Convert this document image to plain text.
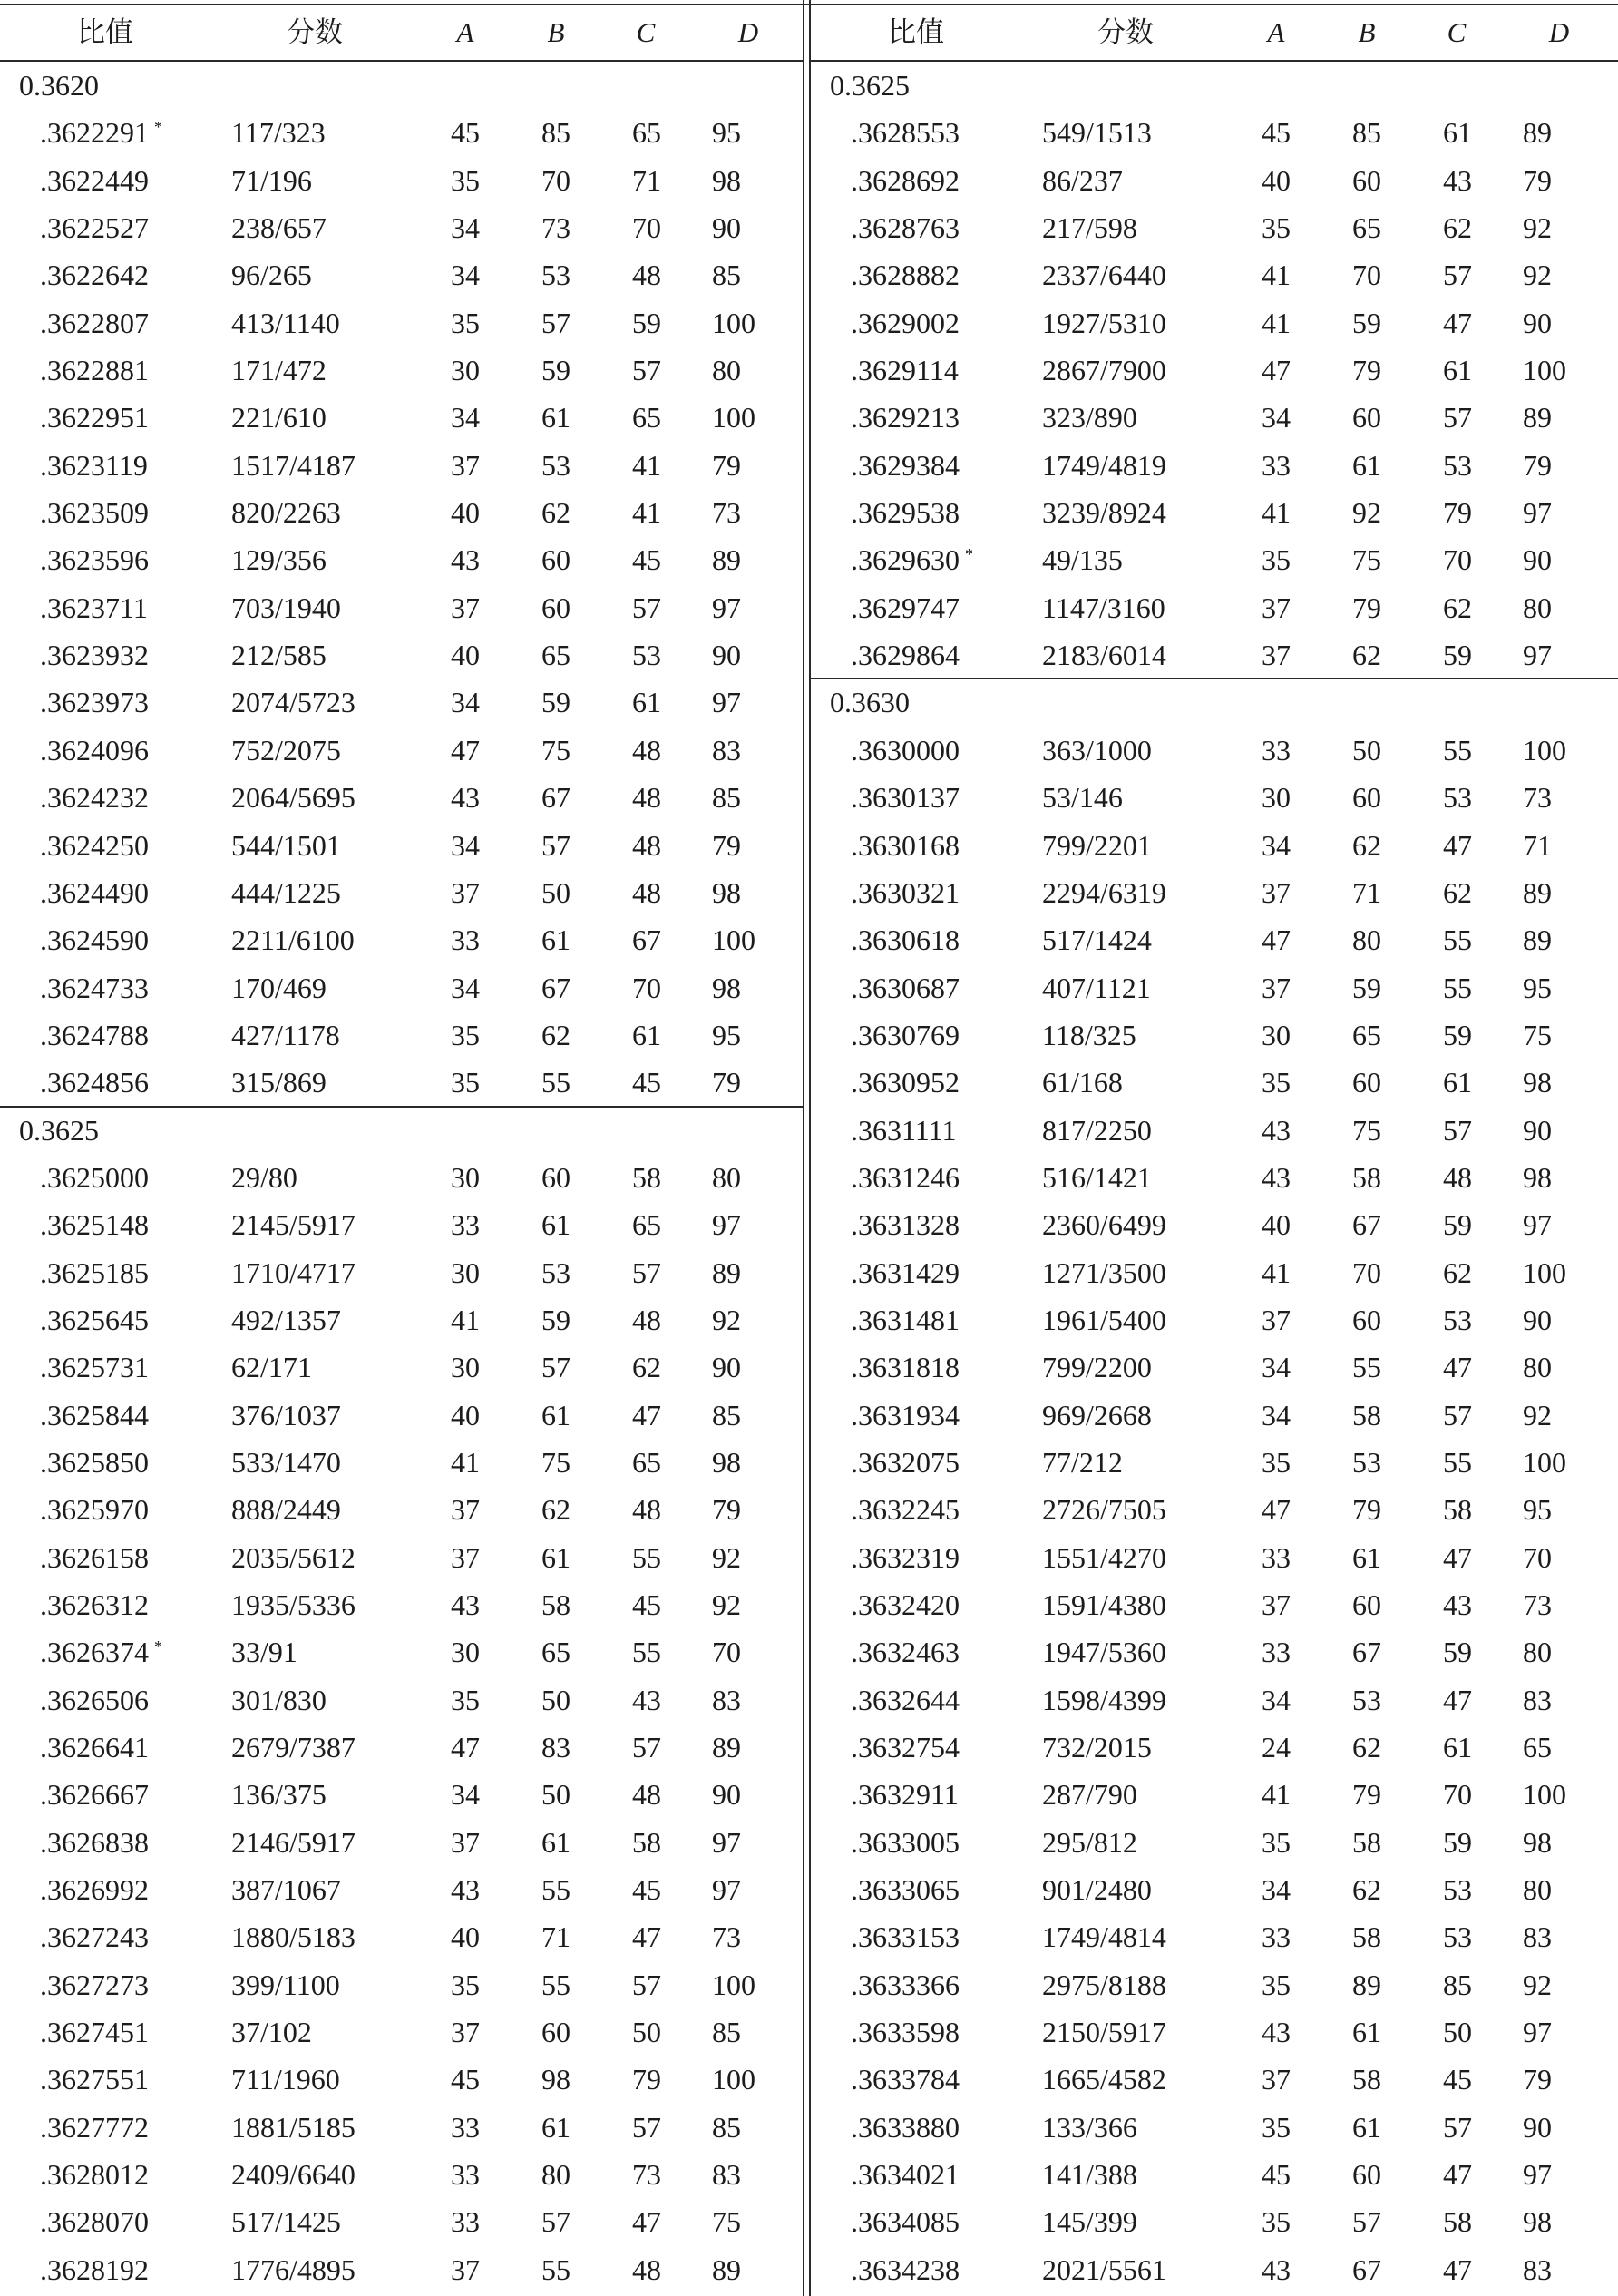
比值	分数	A	B	C	D
0.3620
.3622291 * 117/323	45 85 65 95
.3622449	71/196	35 70 71 98
.3622527	238/657	34 73 70 90
.3622642	96/265	34 53 48 85
.3622807	413/1140	35 57 59 100
.3622881	171/472	30 59 57 80
.3622951	221/610	34 61 65 100
.3623119	1517/4187	37 53 41 79
.3623509	820/2263	40 62 41 73
.3623596	129/356	43 60 45 89
.3623711	703/1940	37 60 57 97
.3623932	212/585	40 65 53 90
.3623973	2074/5723	34 59 61 97
.3624096	752/2075	47 75 48 83
.3624232	2064/5695	43 67 48 85
.3624250	544/1501	34 57 48 79
.3624490	444/1225	37 50 48 98
.3624590	2211/6100	33 61 67 100
.3624733	170/469	34 67 70 98
.3624788	427/1178	35 62 61 95
.3624856	315/869	35 55 45 79
0.3625
.3625000	29/80	30 60 58 80
.3625148	2145/5917	33 61 65 97
.3625185	1710/4717	30 53 57 89
.3625645	492/1357	41 59 48 92
.3625731	62/171	30 57 62 90
.3625844	376/1037	40 61 47 85
.3625850	533/1470	41 75 65 98
.3625970	888/2449	37 62 48 79
.3626158	2035/5612	37 61 55 92
.3626312	1935/5336	43 58 45 92
.3626374 * 33/91	30 65 55 70
.3626506	301/830	35 50 43 83
.3626641	2679/7387	47 83 57 89
.3626667	136/375	34 50 48 90
.3626838	2146/5917	37 61 58 97
.3626992	387/1067	43 55 45 97
.3627243	1880/5183	40 71 47 73
.3627273	399/1100	35 55 57 100
.3627451	37/102	37 60 50 85
.3627551	711/1960	45 98 79 100
.3627772	1881/5185	33 61 57 85
.3628012	2409/6640	33 80 73 83
.3628070	517/1425	33 57 47 75
.3628192	1776/4895	37 55 48 89
比值	分数	A	B	C	D
0.3625
.3628553	549/1513	45 85 61 89
.3628692	86/237	40 60 43 79
.3628763	217/598	35 65 62 92
.3628882	2337/6440	41 70 57 92
.3629002	1927/5310	41 59 47 90
.3629114	2867/7900	47 79 61 100
.3629213	323/890	34 60 57 89
.3629384	1749/4819	33 61 53 79
.3629538	3239/8924	41 92 79 97
.3629630 * 49/135	35 75 70 90
.3629747	1147/3160	37 79 62 80
.3629864	2183/6014	37 62 59 97
0.3630
.3630000	363/1000	33 50 55 100
.3630137	53/146	30 60 53 73
.3630168	799/2201	34 62 47 71
.3630321	2294/6319	37 71 62 89
.3630618	517/1424	47 80 55 89
.3630687	407/1121	37 59 55 95
.3630769	118/325	30 65 59 75
.3630952	61/168	35 60 61 98
.3631111	817/2250	43 75 57 90
.3631246	516/1421	43 58 48 98
.3631328	2360/6499	40 67 59 97
.3631429	1271/3500	41 70 62 100
.3631481	1961/5400	37 60 53 90
.3631818	799/2200	34 55 47 80
.3631934	969/2668	34 58 57 92
.3632075	77/212	35 53 55 100
.3632245	2726/7505	47 79 58 95
.3632319	1551/4270	33 61 47 70
.3632420	1591/4380	37 60 43 73
.3632463	1947/5360	33 67 59 80
.3632644	1598/4399	34 53 47 83
.3632754	732/2015	24 62 61 65
.3632911	287/790	41 79 70 100
.3633005	295/812	35 58 59 98
.3633065	901/2480	34 62 53 80
.3633153	1749/4814	33 58 53 83
.3633366	2975/8188	35 89 85 92
.3633598	2150/5917	43 61 50 97
.3633784	1665/4582	37 58 45 79
.3633880	133/366	35 61 57 90
.3634021	141/388	45 60 47 97
.3634085	145/399	35 57 58 98
.3634238	2021/5561	43 67 47 83
